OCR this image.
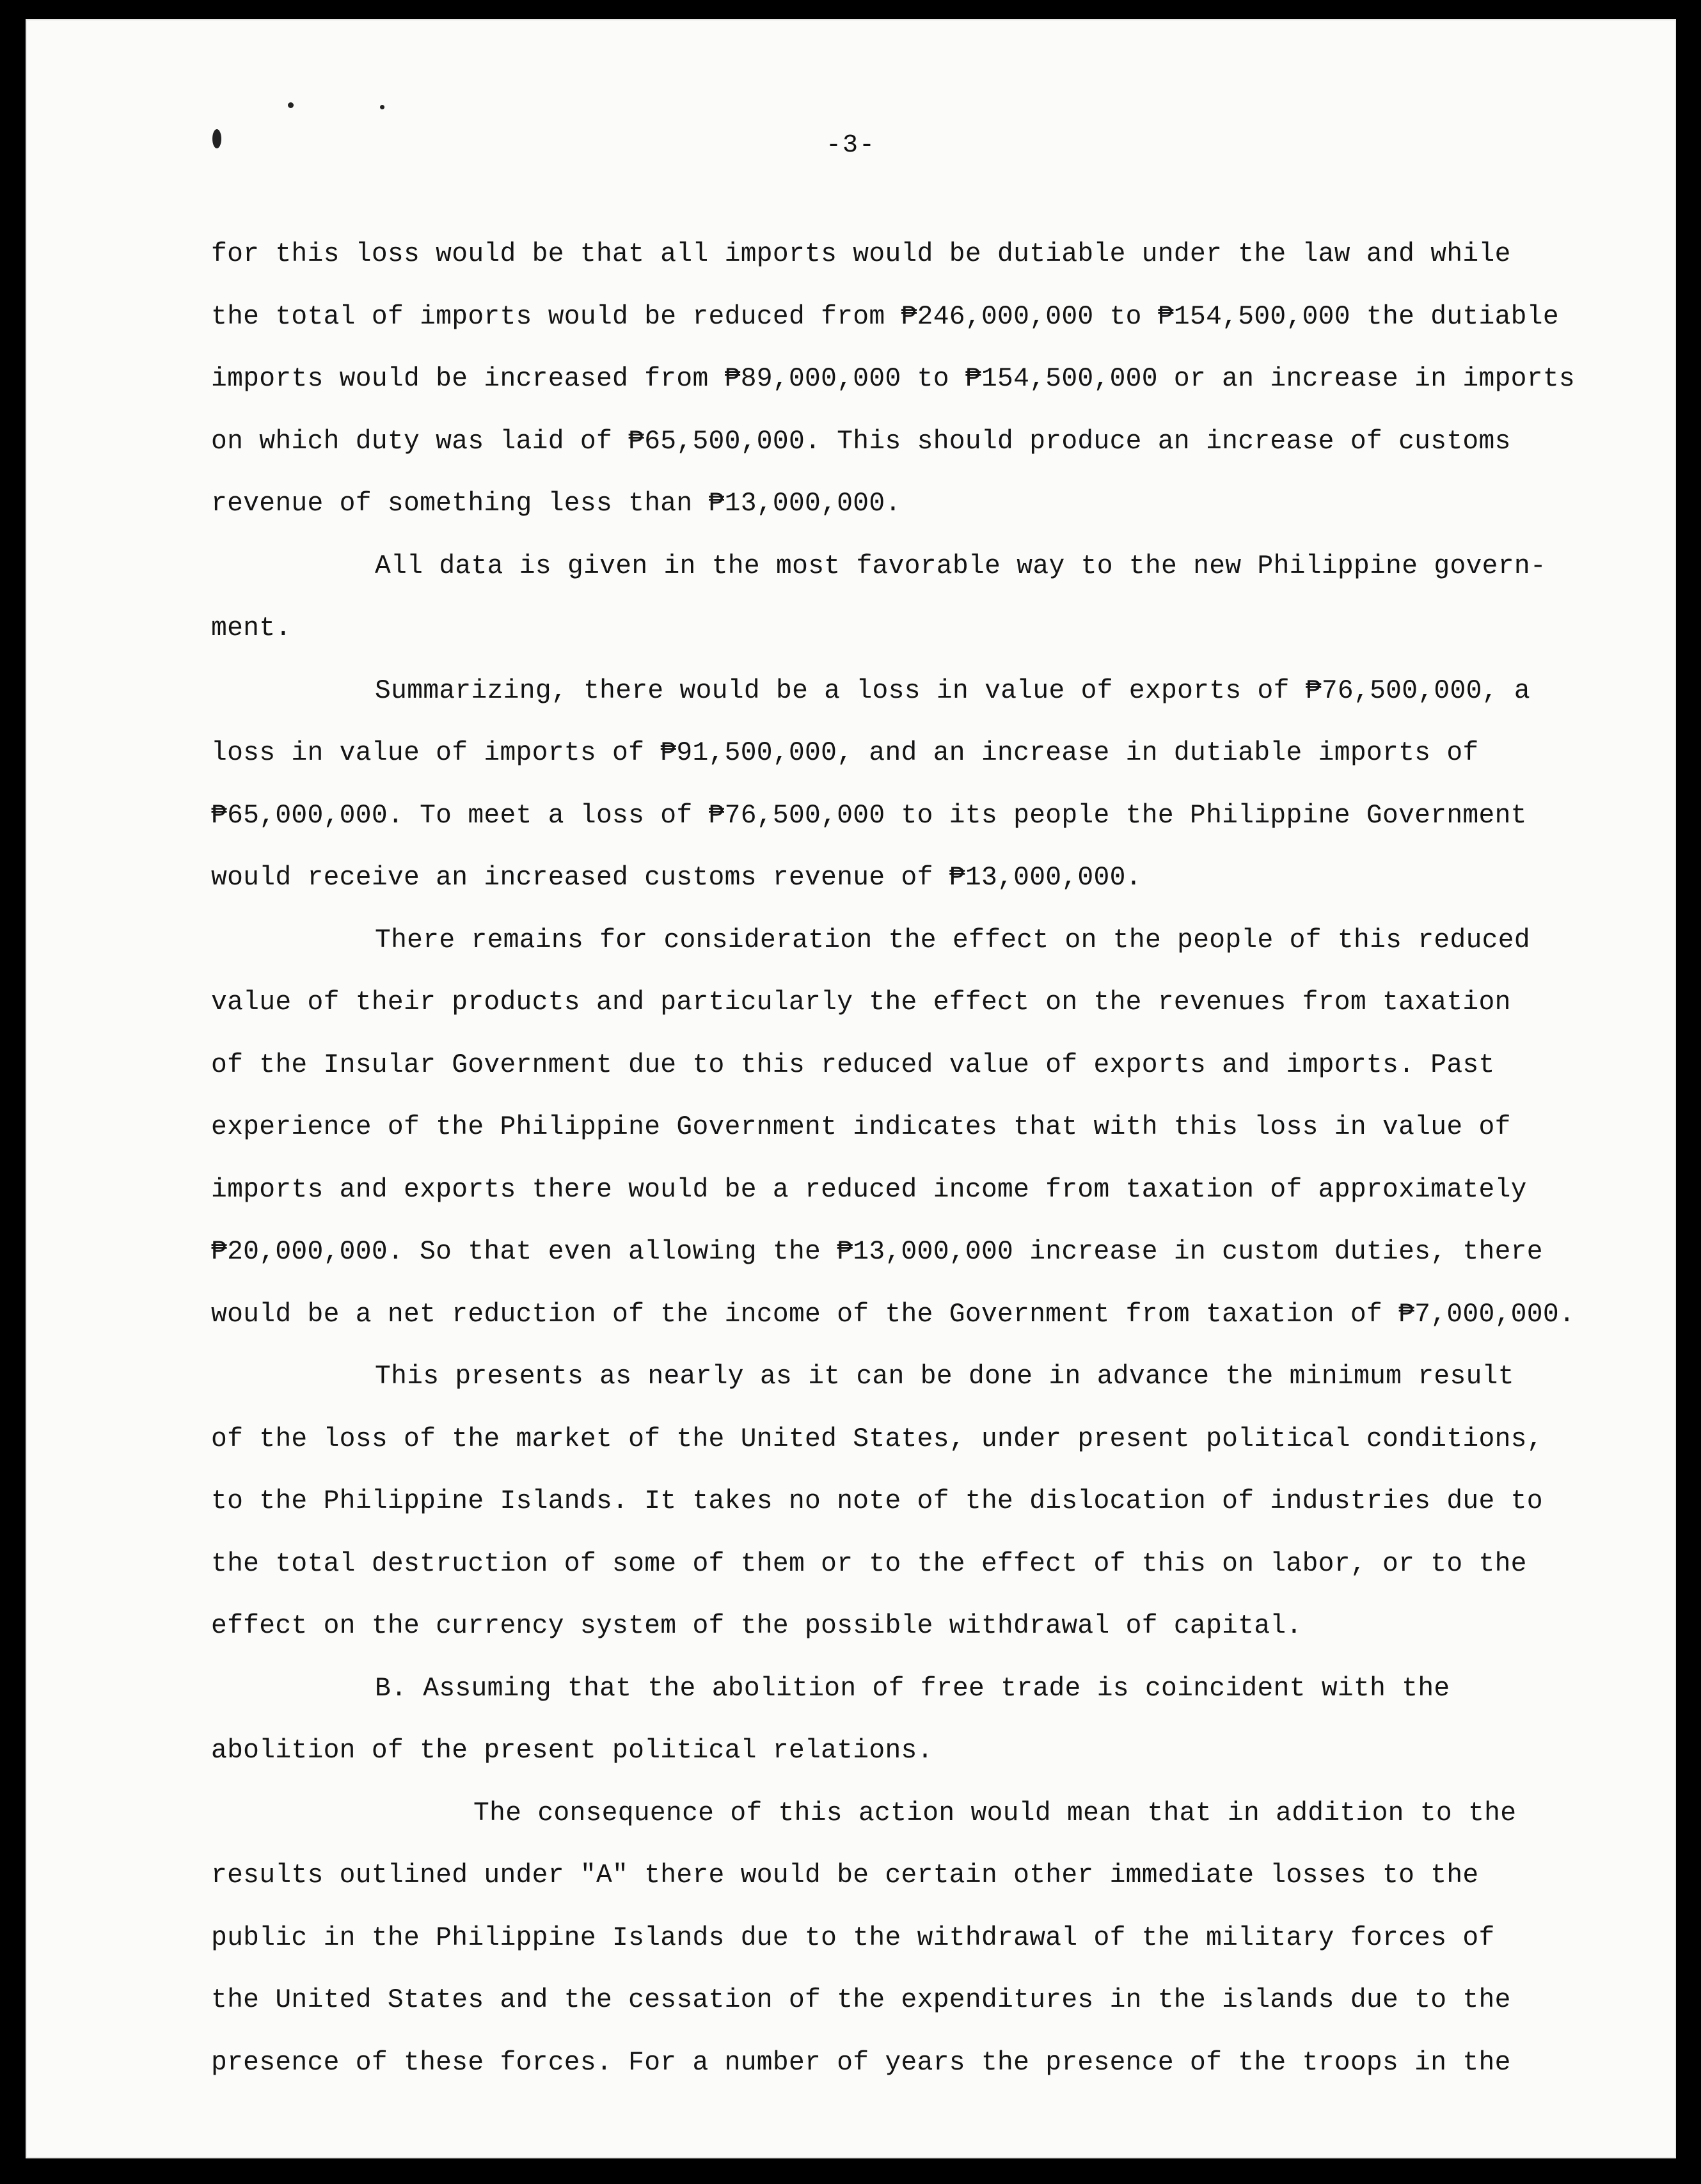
-3-

for this loss would be that all imports would be dutiable under the law and while

the total of imports would be reduced from ₱246,000,000 to ₱154,500,000 the dutiable

imports would be increased from ₱89,000,000 to ₱154,500,000 or an increase in imports

on which duty was laid of ₱65,500,000. This should produce an increase of customs

revenue of something less than ₱13,000,000.

All data is given in the most favorable way to the new Philippine govern-

ment.

Summarizing, there would be a loss in value of exports of ₱76,500,000, a

loss in value of imports of ₱91,500,000, and an increase in dutiable imports of

₱65,000,000. To meet a loss of ₱76,500,000 to its people the Philippine Government

would receive an increased customs revenue of ₱13,000,000.

There remains for consideration the effect on the people of this reduced

value of their products and particularly the effect on the revenues from taxation

of the Insular Government due to this reduced value of exports and imports. Past

experience of the Philippine Government indicates that with this loss in value of

imports and exports there would be a reduced income from taxation of approximately

₱20,000,000. So that even allowing the ₱13,000,000 increase in custom duties, there

would be a net reduction of the income of the Government from taxation of ₱7,000,000.

This presents as nearly as it can be done in advance the minimum result

of the loss of the market of the United States, under present political conditions,

to the Philippine Islands. It takes no note of the dislocation of industries due to

the total destruction of some of them or to the effect of this on labor, or to the

effect on the currency system of the possible withdrawal of capital.

B. Assuming that the abolition of free trade is coincident with the

abolition of the present political relations.

The consequence of this action would mean that in addition to the

results outlined under "A" there would be certain other immediate losses to the

public in the Philippine Islands due to the withdrawal of the military forces of

the United States and the cessation of the expenditures in the islands due to the

presence of these forces. For a number of years the presence of the troops in the
